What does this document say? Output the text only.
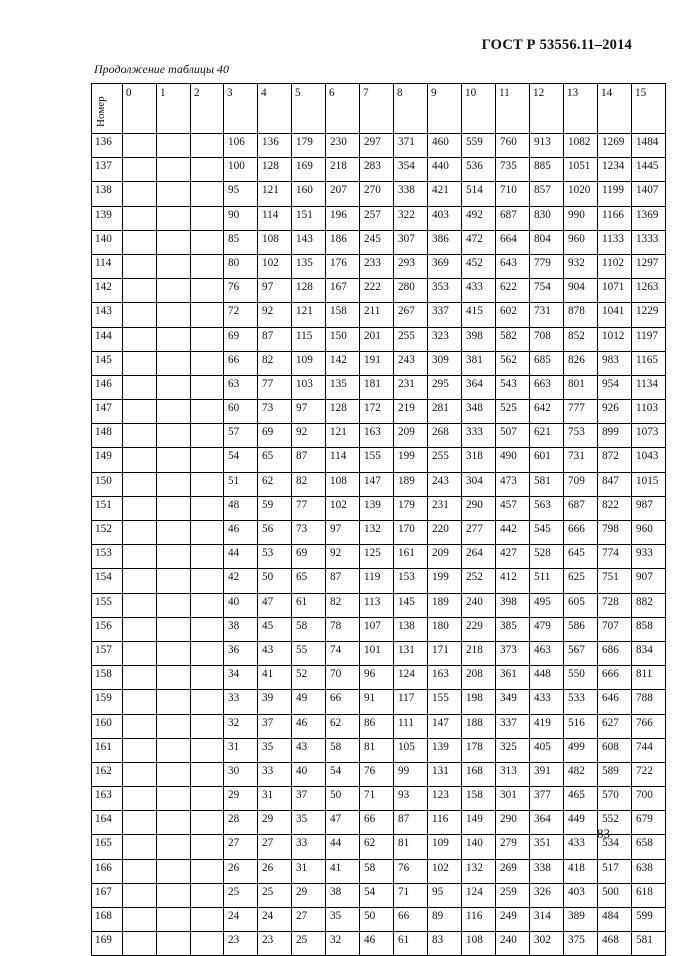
ГОСТ Р 53556.11–2014
Продолжение таблицы 40
Номер	0	1	2	3	4	5	6	7	8	9	10	11	12	13	14	15
136				106	136	179	230	297	371	460	559	760	913	1082	1269	1484
137				100	128	169	218	283	354	440	536	735	885	1051	1234	1445
138				95	121	160	207	270	338	421	514	710	857	1020	1199	1407
139				90	114	151	196	257	322	403	492	687	830	990	1166	1369
140				85	108	143	186	245	307	386	472	664	804	960	1133	1333
114				80	102	135	176	233	293	369	452	643	779	932	1102	1297
142				76	97	128	167	222	280	353	433	622	754	904	1071	1263
143				72	92	121	158	211	267	337	415	602	731	878	1041	1229
144				69	87	115	150	201	255	323	398	582	708	852	1012	1197
145				66	82	109	142	191	243	309	381	562	685	826	983	1165
146				63	77	103	135	181	231	295	364	543	663	801	954	1134
147				60	73	97	128	172	219	281	348	525	642	777	926	1103
148				57	69	92	121	163	209	268	333	507	621	753	899	1073
149				54	65	87	114	155	199	255	318	490	601	731	872	1043
150				51	62	82	108	147	189	243	304	473	581	709	847	1015
151				48	59	77	102	139	179	231	290	457	563	687	822	987
152				46	56	73	97	132	170	220	277	442	545	666	798	960
153				44	53	69	92	125	161	209	264	427	528	645	774	933
154				42	50	65	87	119	153	199	252	412	511	625	751	907
155				40	47	61	82	113	145	189	240	398	495	605	728	882
156				38	45	58	78	107	138	180	229	385	479	586	707	858
157				36	43	55	74	101	131	171	218	373	463	567	686	834
158				34	41	52	70	96	124	163	208	361	448	550	666	811
159				33	39	49	66	91	117	155	198	349	433	533	646	788
160				32	37	46	62	86	111	147	188	337	419	516	627	766
161				31	35	43	58	81	105	139	178	325	405	499	608	744
162				30	33	40	54	76	99	131	168	313	391	482	589	722
163				29	31	37	50	71	93	123	158	301	377	465	570	700
164				28	29	35	47	66	87	116	149	290	364	449	552	679
165				27	27	33	44	62	81	109	140	279	351	433	534	658
166				26	26	31	41	58	76	102	132	269	338	418	517	638
167				25	25	29	38	54	71	95	124	259	326	403	500	618
168				24	24	27	35	50	66	89	116	249	314	389	484	599
169				23	23	25	32	46	61	83	108	240	302	375	468	581
83
